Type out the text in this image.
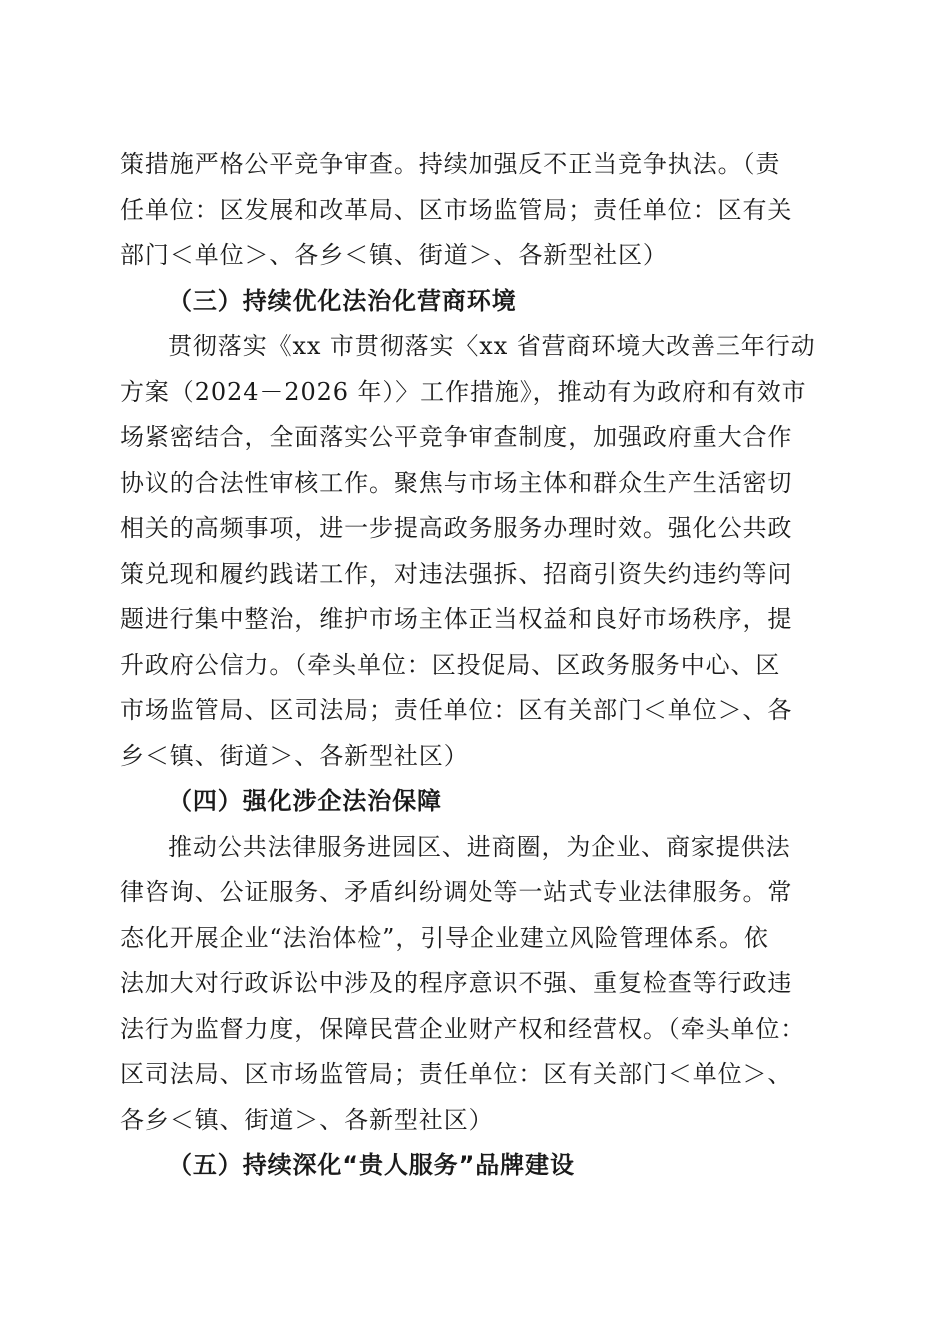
策措施严格公平竞争审查。持续加强反不正当竞争执法。（责
任单位：区发展和改革局、区市场监管局；责任单位：区有关
部门＜单位＞、各乡＜镇、街道＞、各新型社区）
（三）持续优化法治化营商环境
贯彻落实《xx 市贯彻落实〈xx 省营商环境大改善三年行动
方案（2024－2026 年）〉工作措施》，推动有为政府和有效市
场紧密结合，全面落实公平竞争审查制度，加强政府重大合作
协议的合法性审核工作。聚焦与市场主体和群众生产生活密切
相关的高频事项，进一步提高政务服务办理时效。强化公共政
策兑现和履约践诺工作，对违法强拆、招商引资失约违约等问
题进行集中整治，维护市场主体正当权益和良好市场秩序，提
升政府公信力。（牵头单位：区投促局、区政务服务中心、区
市场监管局、区司法局；责任单位：区有关部门＜单位＞、各
乡＜镇、街道＞、各新型社区）
（四）强化涉企法治保障
推动公共法律服务进园区、进商圈，为企业、商家提供法
律咨询、公证服务、矛盾纠纷调处等一站式专业法律服务。常
态化开展企业“法治体检”，引导企业建立风险管理体系。依
法加大对行政诉讼中涉及的程序意识不强、重复检查等行政违
法行为监督力度，保障民营企业财产权和经营权。（牵头单位：
区司法局、区市场监管局；责任单位：区有关部门＜单位＞、
各乡＜镇、街道＞、各新型社区）
（五）持续深化“贵人服务”品牌建设
